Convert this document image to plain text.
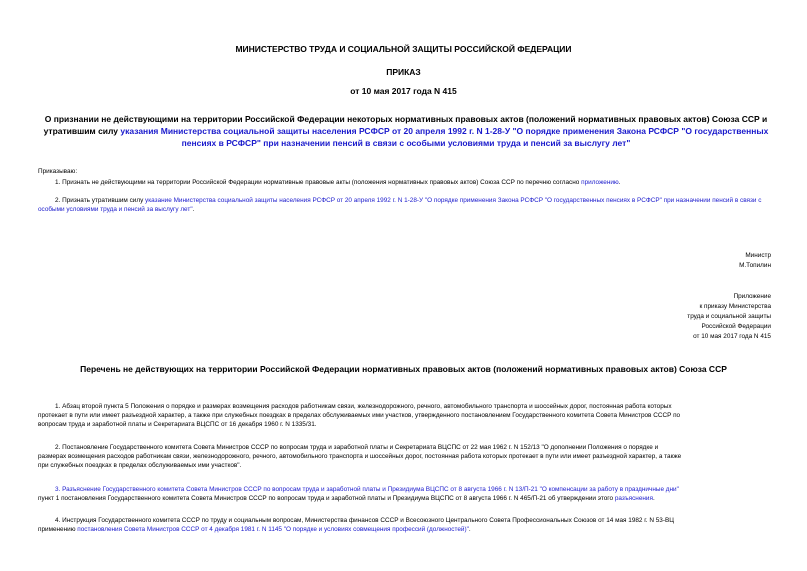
МИНИСТЕРСТВО ТРУДА И СОЦИАЛЬНОЙ ЗАЩИТЫ РОССИЙСКОЙ ФЕДЕРАЦИИ
ПРИКАЗ
от 10 мая 2017 года N 415
О признании не действующими на территории Российской Федерации некоторых нормативных правовых актов (положений нормативных правовых актов) Союза ССР и утратившим силу указания Министерства социальной защиты населения РСФСР от 20 апреля 1992 г. N 1-28-У "О порядке применения Закона РСФСР "О государственных пенсиях в РСФСР" при назначении пенсий в связи с особыми условиями труда и пенсий за выслугу лет"
Приказываю:
1. Признать не действующими на территории Российской Федерации нормативные правовые акты (положения нормативных правовых актов) Союза ССР по перечню согласно приложению.
2. Признать утратившим силу указание Министерства социальной защиты населения РСФСР от 20 апреля 1992 г. N 1-28-У "О порядке применения Закона РСФСР "О государственных пенсиях в РСФСР" при назначении пенсий в связи с особыми условиями труда и пенсий за выслугу лет".
Министр
М.Топилин
Приложение
к приказу Министерства
труда и социальной защиты
Российской Федерации
от 10 мая 2017 года N 415
Перечень не действующих на территории Российской Федерации нормативных правовых актов (положений нормативных правовых актов) Союза ССР
1. Абзац второй пункта 5 Положения о порядке и размерах возмещения расходов работникам связи, железнодорожного, речного, автомобильного транспорта и шоссейных дорог, постоянная работа которых
протекает в пути или имеет разъездной характер, а также при служебных поездках в пределах обслуживаемых ими участков, утвержденного постановлением Государственного комитета Совета Министров СССР по
вопросам труда и заработной платы и Секретариата ВЦСПС от 16 декабря 1960 г. N 1335/31.
2. Постановление Государственного комитета Совета Министров СССР по вопросам труда и заработной платы и Секретариата ВЦСПС от 22 мая 1962 г. N 152/13 "О дополнении Положения о порядке и
размерах возмещения расходов работникам связи, железнодорожного, речного, автомобильного транспорта и шоссейных дорог, постоянная работа которых протекает в пути или имеет разъездной характер, а также
при служебных поездках в пределах обслуживаемых ими участков".
3. Разъяснение Государственного комитета Совета Министров СССР по вопросам труда и заработной платы и Президиума ВЦСПС от 8 августа 1966 г. N 13/П-21 "О компенсации за работу в праздничные дни"
пункт 1 постановления Государственного комитета Совета Министров СССР по вопросам труда и заработной платы и Президиума ВЦСПС от 8 августа 1966 г. N 465/П-21 об утверждении этого разъяснения.
4. Инструкция Государственного комитета СССР по труду и социальным вопросам, Министерства финансов СССР и Всесоюзного Центрального Совета Профессиональных Союзов от 14 мая 1982 г. N 53-ВЦ
применению постановления Совета Министров СССР от 4 декабря 1981 г. N 1145 "О порядке и условиях совмещения профессий (должностей)".
